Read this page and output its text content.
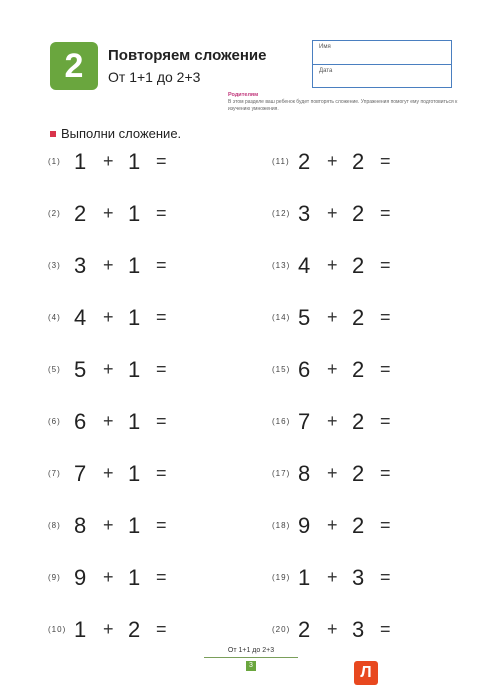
2	Повторяем сложение
От 1+1 до 2+3
Имя
Дата
Родителям
В этом разделе ваш ребенок будет повторять сложение. Упражнения помогут ему подготовиться к изучению умножения.
Выполни сложение.
(1) 1 + 1 =
(2) 2 + 1 =
(3) 3 + 1 =
(4) 4 + 1 =
(5) 5 + 1 =
(6) 6 + 1 =
(7) 7 + 1 =
(8) 8 + 1 =
(9) 9 + 1 =
(10) 1 + 2 =
(11) 2 + 2 =
(12) 3 + 2 =
(13) 4 + 2 =
(14) 5 + 2 =
(15) 6 + 2 =
(16) 7 + 2 =
(17) 8 + 2 =
(18) 9 + 2 =
(19) 1 + 3 =
(20) 2 + 3 =
От 1+1 до 2+3
3	Л
